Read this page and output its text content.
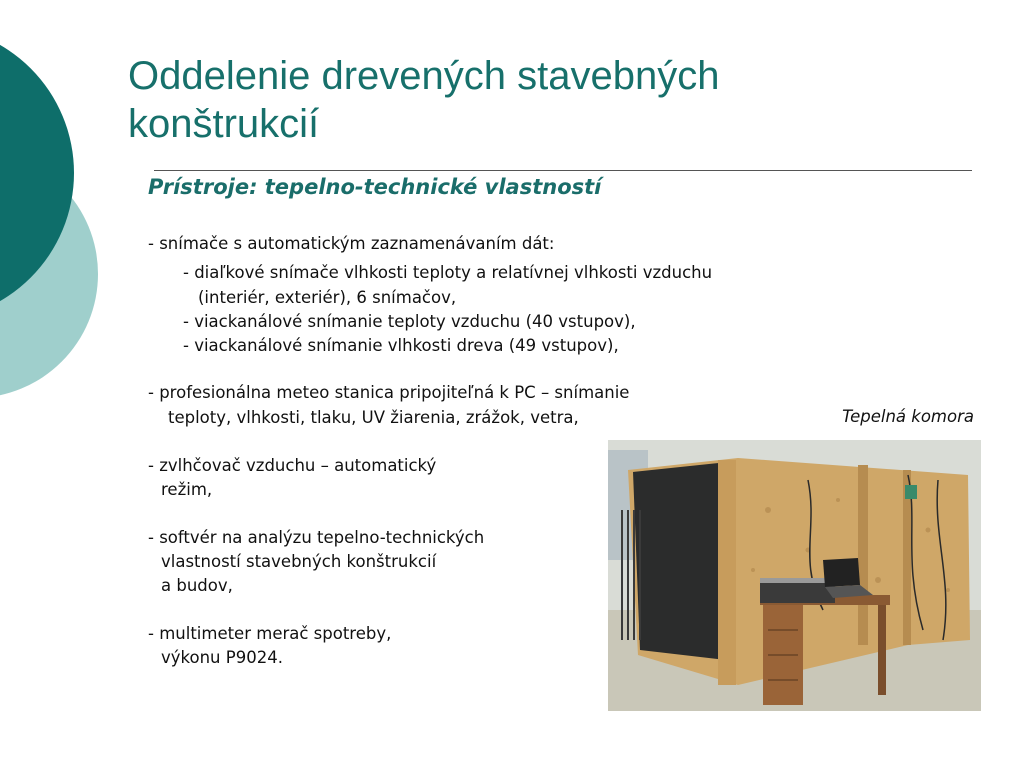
Oddelenie drevených stavebných
konštrukcií
Prístroje: tepelno-technické vlastností
- snímače s automatickým zaznamenávaním dát:
- diaľkové snímače vlhkosti teploty a relatívnej vlhkosti vzduchu
(interiér, exteriér), 6 snímačov,
- viackanálové snímanie teploty vzduchu (40 vstupov),
- viackanálové snímanie vlhkosti dreva (49 vstupov),
- profesionálna meteo stanica pripojiteľná k PC – snímanie
teploty, vlhkosti, tlaku, UV žiarenia, zrážok, vetra,
- zvlhčovač vzduchu – automatický
režim,
- softvér na analýzu tepelno-technických
vlastností stavebných konštrukcií
a budov,
- multimeter merač spotreby,
výkonu P9024.
Tepelná komora
